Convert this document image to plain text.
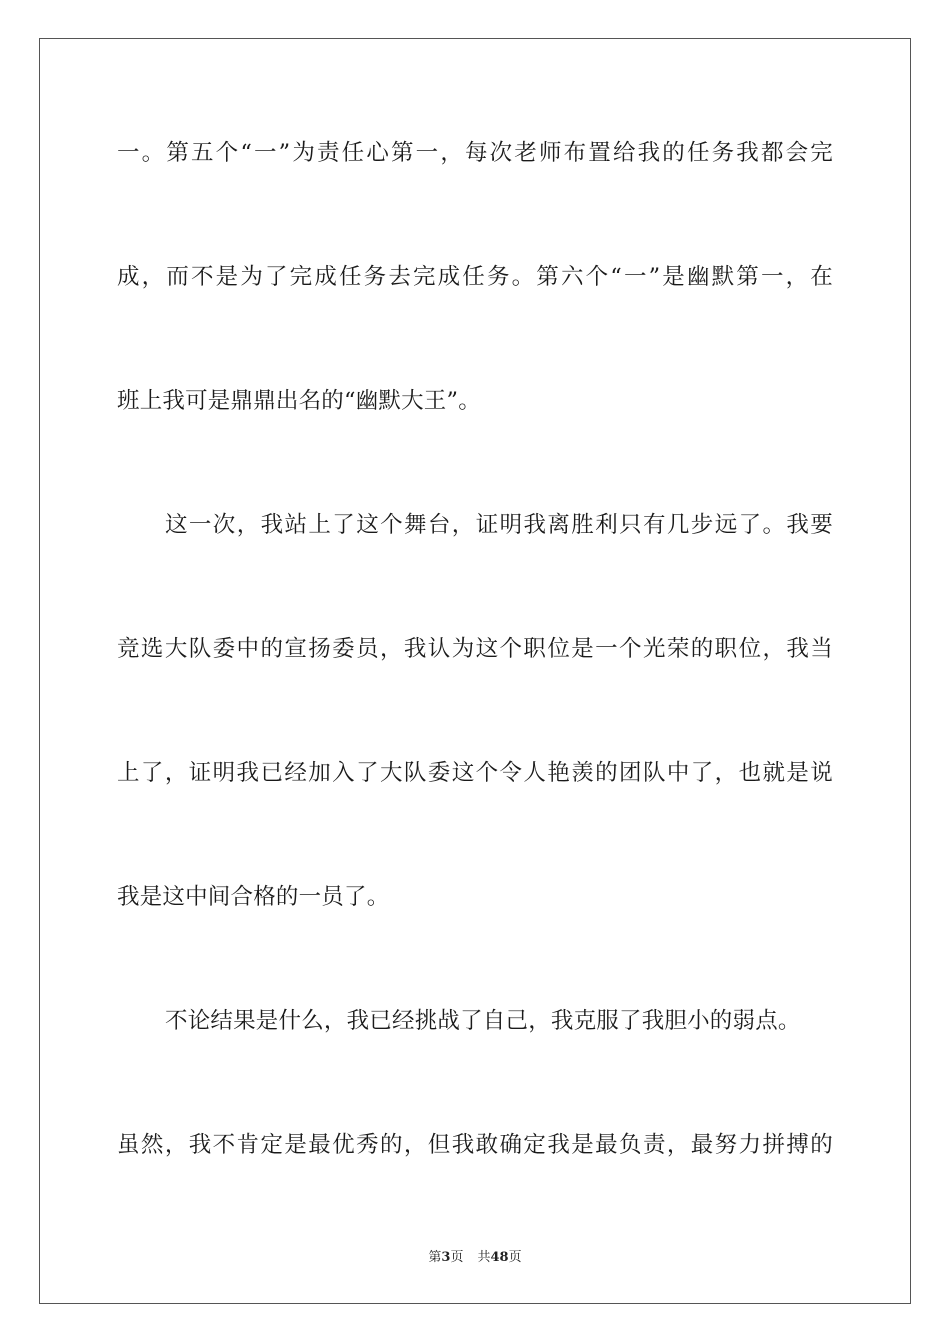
一。第五个“一”为责任心第一，每次老师布置给我的任务我都会完
成，而不是为了完成任务去完成任务。第六个“一”是幽默第一，在
班上我可是鼎鼎出名的“幽默大王”。
这一次，我站上了这个舞台，证明我离胜利只有几步远了。我要
竞选大队委中的宣扬委员，我认为这个职位是一个光荣的职位，我当
上了，证明我已经加入了大队委这个令人艳羡的团队中了，也就是说
我是这中间合格的一员了。
不论结果是什么，我已经挑战了自己，我克服了我胆小的弱点。
虽然，我不肯定是最优秀的，但我敢确定我是最负责，最努力拼搏的
第3页 共48页
